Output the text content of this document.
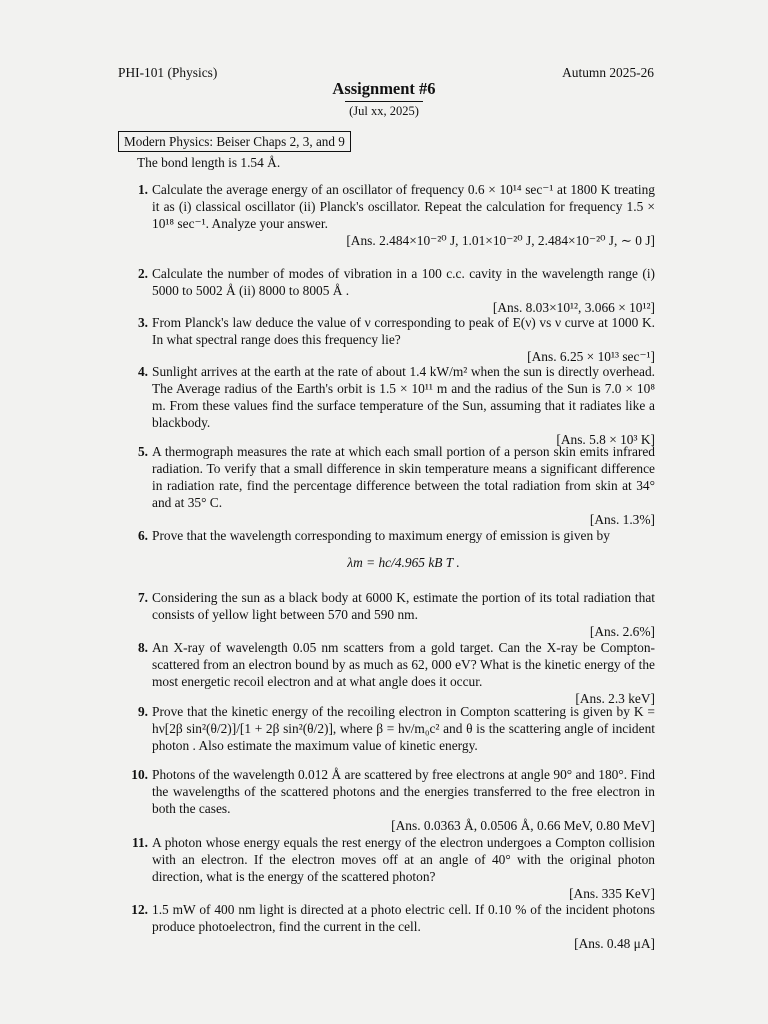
PHI-101 (Physics)	Autumn 2025-26
Assignment #6
(Jul xx, 2025)
Modern Physics: Beiser Chaps 2, 3, and 9
The bond length is 1.54 Å.
1. Calculate the average energy of an oscillator of frequency 0.6 × 10¹⁴ sec⁻¹ at 1800 K treating it as (i) classical oscillator (ii) Planck's oscillator. Repeat the calculation for frequency 1.5 × 10¹⁸ sec⁻¹. Analyze your answer.
[Ans. 2.484×10⁻²⁰ J, 1.01×10⁻²⁰ J, 2.484×10⁻²⁰ J, ∼ 0 J]
2. Calculate the number of modes of vibration in a 100 c.c. cavity in the wavelength range (i) 5000 to 5002 Å (ii) 8000 to 8005 Å .
[Ans. 8.03×10¹², 3.066 × 10¹²]
3. From Planck's law deduce the value of ν corresponding to peak of E(ν) vs ν curve at 1000 K. In what spectral range does this frequency lie?
[Ans. 6.25 × 10¹³ sec⁻¹]
4. Sunlight arrives at the earth at the rate of about 1.4 kW/m² when the sun is directly overhead. The Average radius of the Earth's orbit is 1.5 × 10¹¹ m and the radius of the Sun is 7.0 × 10⁸ m. From these values find the surface temperature of the Sun, assuming that it radiates like a blackbody.
[Ans. 5.8 × 10³ K]
5. A thermograph measures the rate at which each small portion of a person skin emits infrared radiation. To verify that a small difference in skin temperature means a significant difference in radiation rate, find the percentage difference between the total radiation from skin at 34° and at 35° C.
[Ans. 1.3%]
6. Prove that the wavelength corresponding to maximum energy of emission is given by
λm = hc/4.965 kB T .
7. Considering the sun as a black body at 6000 K, estimate the portion of its total radiation that consists of yellow light between 570 and 590 nm.
[Ans. 2.6%]
8. An X-ray of wavelength 0.05 nm scatters from a gold target. Can the X-ray be Compton-scattered from an electron bound by as much as 62, 000 eV? What is the kinetic energy of the most energetic recoil electron and at what angle does it occur.
[Ans. 2.3 keV]
9. Prove that the kinetic energy of the recoiling electron in Compton scattering is given by K = hν[2β sin²(θ/2)]/[1 + 2β sin²(θ/2)], where β = hν/m₀c² and θ is the scattering angle of incident photon . Also estimate the maximum value of kinetic energy.
10. Photons of the wavelength 0.012 Å are scattered by free electrons at angle 90° and 180°. Find the wavelengths of the scattered photons and the energies transferred to the free electron in both the cases.
[Ans. 0.0363 Å, 0.0506 Å, 0.66 MeV, 0.80 MeV]
11. A photon whose energy equals the rest energy of the electron undergoes a Compton collision with an electron. If the electron moves off at an angle of 40° with the original photon direction, what is the energy of the scattered photon?
[Ans. 335 KeV]
12. 1.5 mW of 400 nm light is directed at a photo electric cell. If 0.10 % of the incident photons produce photoelectron, find the current in the cell.
[Ans. 0.48 μA]
